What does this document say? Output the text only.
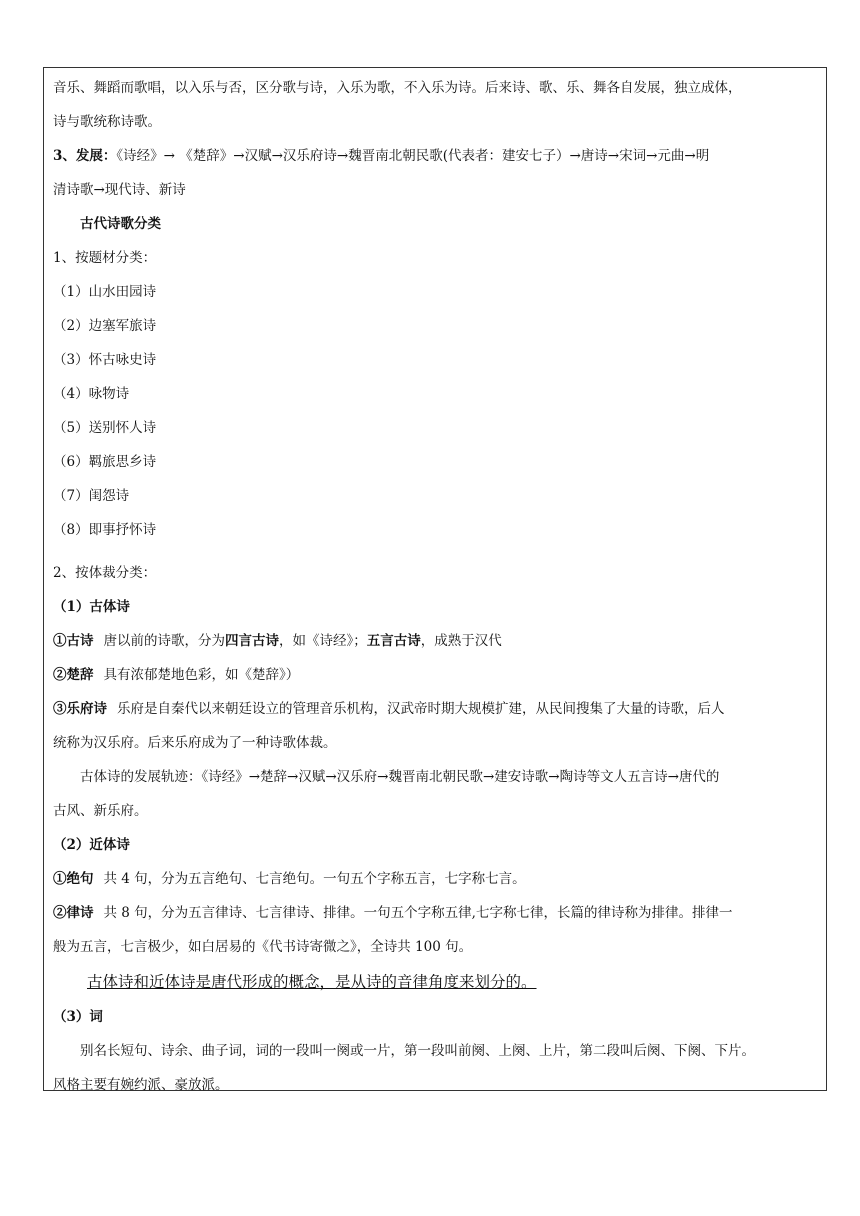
音乐、舞蹈而歌唱，以入乐与否，区分歌与诗，入乐为歌，不入乐为诗。后来诗、歌、乐、舞各自发展，独立成体，

诗与歌统称诗歌。

3、发展：《诗经》→ 《楚辞》→汉赋→汉乐府诗→魏晋南北朝民歌(代表者：建安七子）→唐诗→宋词→元曲→明

清诗歌→现代诗、新诗

古代诗歌分类

1、按题材分类：

（1）山水田园诗

（2）边塞军旅诗

（3）怀古咏史诗

（4）咏物诗

（5）送别怀人诗

（6）羁旅思乡诗

（7）闺怨诗

（8）即事抒怀诗

2、按体裁分类：

（1）古体诗

①古诗 唐以前的诗歌，分为四言古诗，如《诗经》；五言古诗，成熟于汉代

②楚辞 具有浓郁楚地色彩，如《楚辞》）

③乐府诗 乐府是自秦代以来朝廷设立的管理音乐机构，汉武帝时期大规模扩建，从民间搜集了大量的诗歌，后人

统称为汉乐府。后来乐府成为了一种诗歌体裁。

古体诗的发展轨迹：《诗经》→楚辞→汉赋→汉乐府→魏晋南北朝民歌→建安诗歌→陶诗等文人五言诗→唐代的

古风、新乐府。

（2）近体诗

①绝句 共 4 句，分为五言绝句、七言绝句。一句五个字称五言，七字称七言。

②律诗 共 8 句，分为五言律诗、七言律诗、排律。一句五个字称五律,七字称七律，长篇的律诗称为排律。排律一

般为五言，七言极少，如白居易的《代书诗寄微之》，全诗共 100 句。

古体诗和近体诗是唐代形成的概念，是从诗的音律角度来划分的。

（3）词

别名长短句、诗余、曲子词，词的一段叫一阕或一片，第一段叫前阕、上阕、上片，第二段叫后阕、下阕、下片。

风格主要有婉约派、豪放派。
